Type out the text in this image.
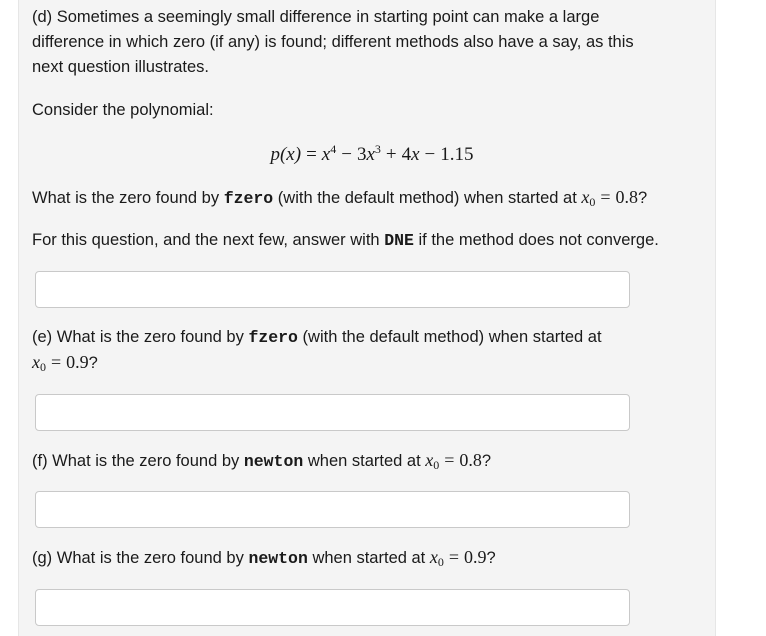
(d) Sometimes a seemingly small difference in starting point can make a large
difference in which zero (if any) is found; different methods also have a say, as this
next question illustrates.
Consider the polynomial:
$p(x) = x^4 - 3x^3 + 4x - 1.15$
What is the zero found by fzero (with the default method) when started at $x_0 = 0.8$?
For this question, and the next few, answer with DNE if the method does not converge.
(e) What is the zero found by fzero (with the default method) when started at
$x_0 = 0.9$?
(f) What is the zero found by newton when started at $x_0 = 0.8$?
(g) What is the zero found by newton when started at $x_0 = 0.9$?
